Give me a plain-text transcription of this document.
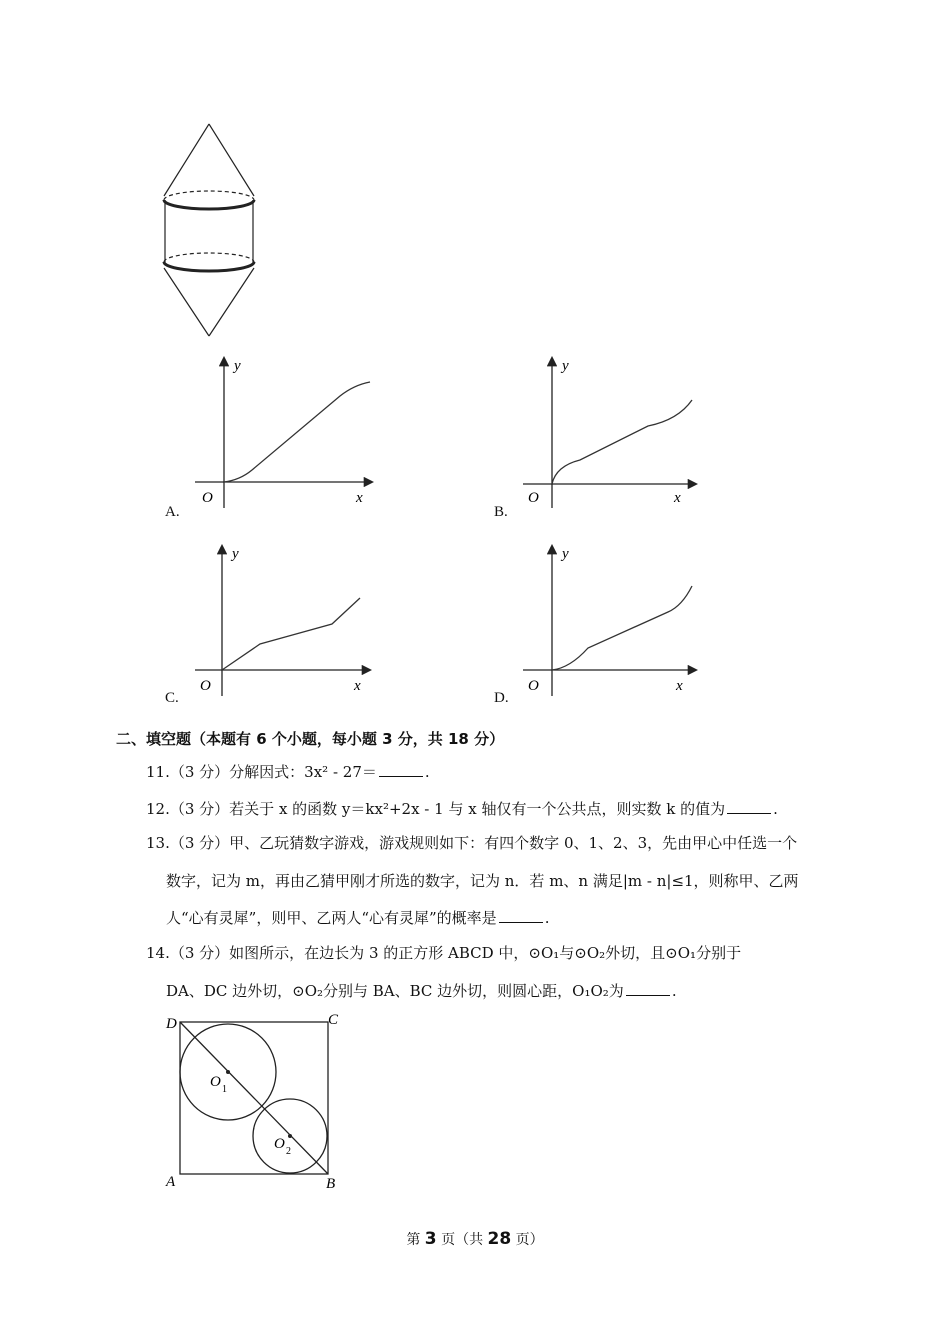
y
x
O
A.
y
x
O
B.
y
x
O
C.
y
x
O
D.
二、填空题（本题有 6 个小题，每小题 3 分，共 18 分）
11.（3 分）分解因式：3x² - 27＝	.
12.（3 分）若关于 x 的函数 y＝kx²+2x - 1 与 x 轴仅有一个公共点，则实数 k 的值为	.
13.（3 分）甲、乙玩猜数字游戏，游戏规则如下：有四个数字 0、1、2、3，先由甲心中任选一个
数字，记为 m，再由乙猜甲刚才所选的数字，记为 n．若 m、n 满足|m - n|≤1，则称甲、乙两
人“心有灵犀”，则甲、乙两人“心有灵犀”的概率是	.
14.（3 分）如图所示，在边长为 3 的正方形 ABCD 中，⊙O₁与⊙O₂外切，且⊙O₁分别于
DA、DC 边外切，⊙O₂分别与 BA、BC 边外切，则圆心距，O₁O₂为	.
D	C
A	B
O 1
O 2
第 3 页（共 28 页）
